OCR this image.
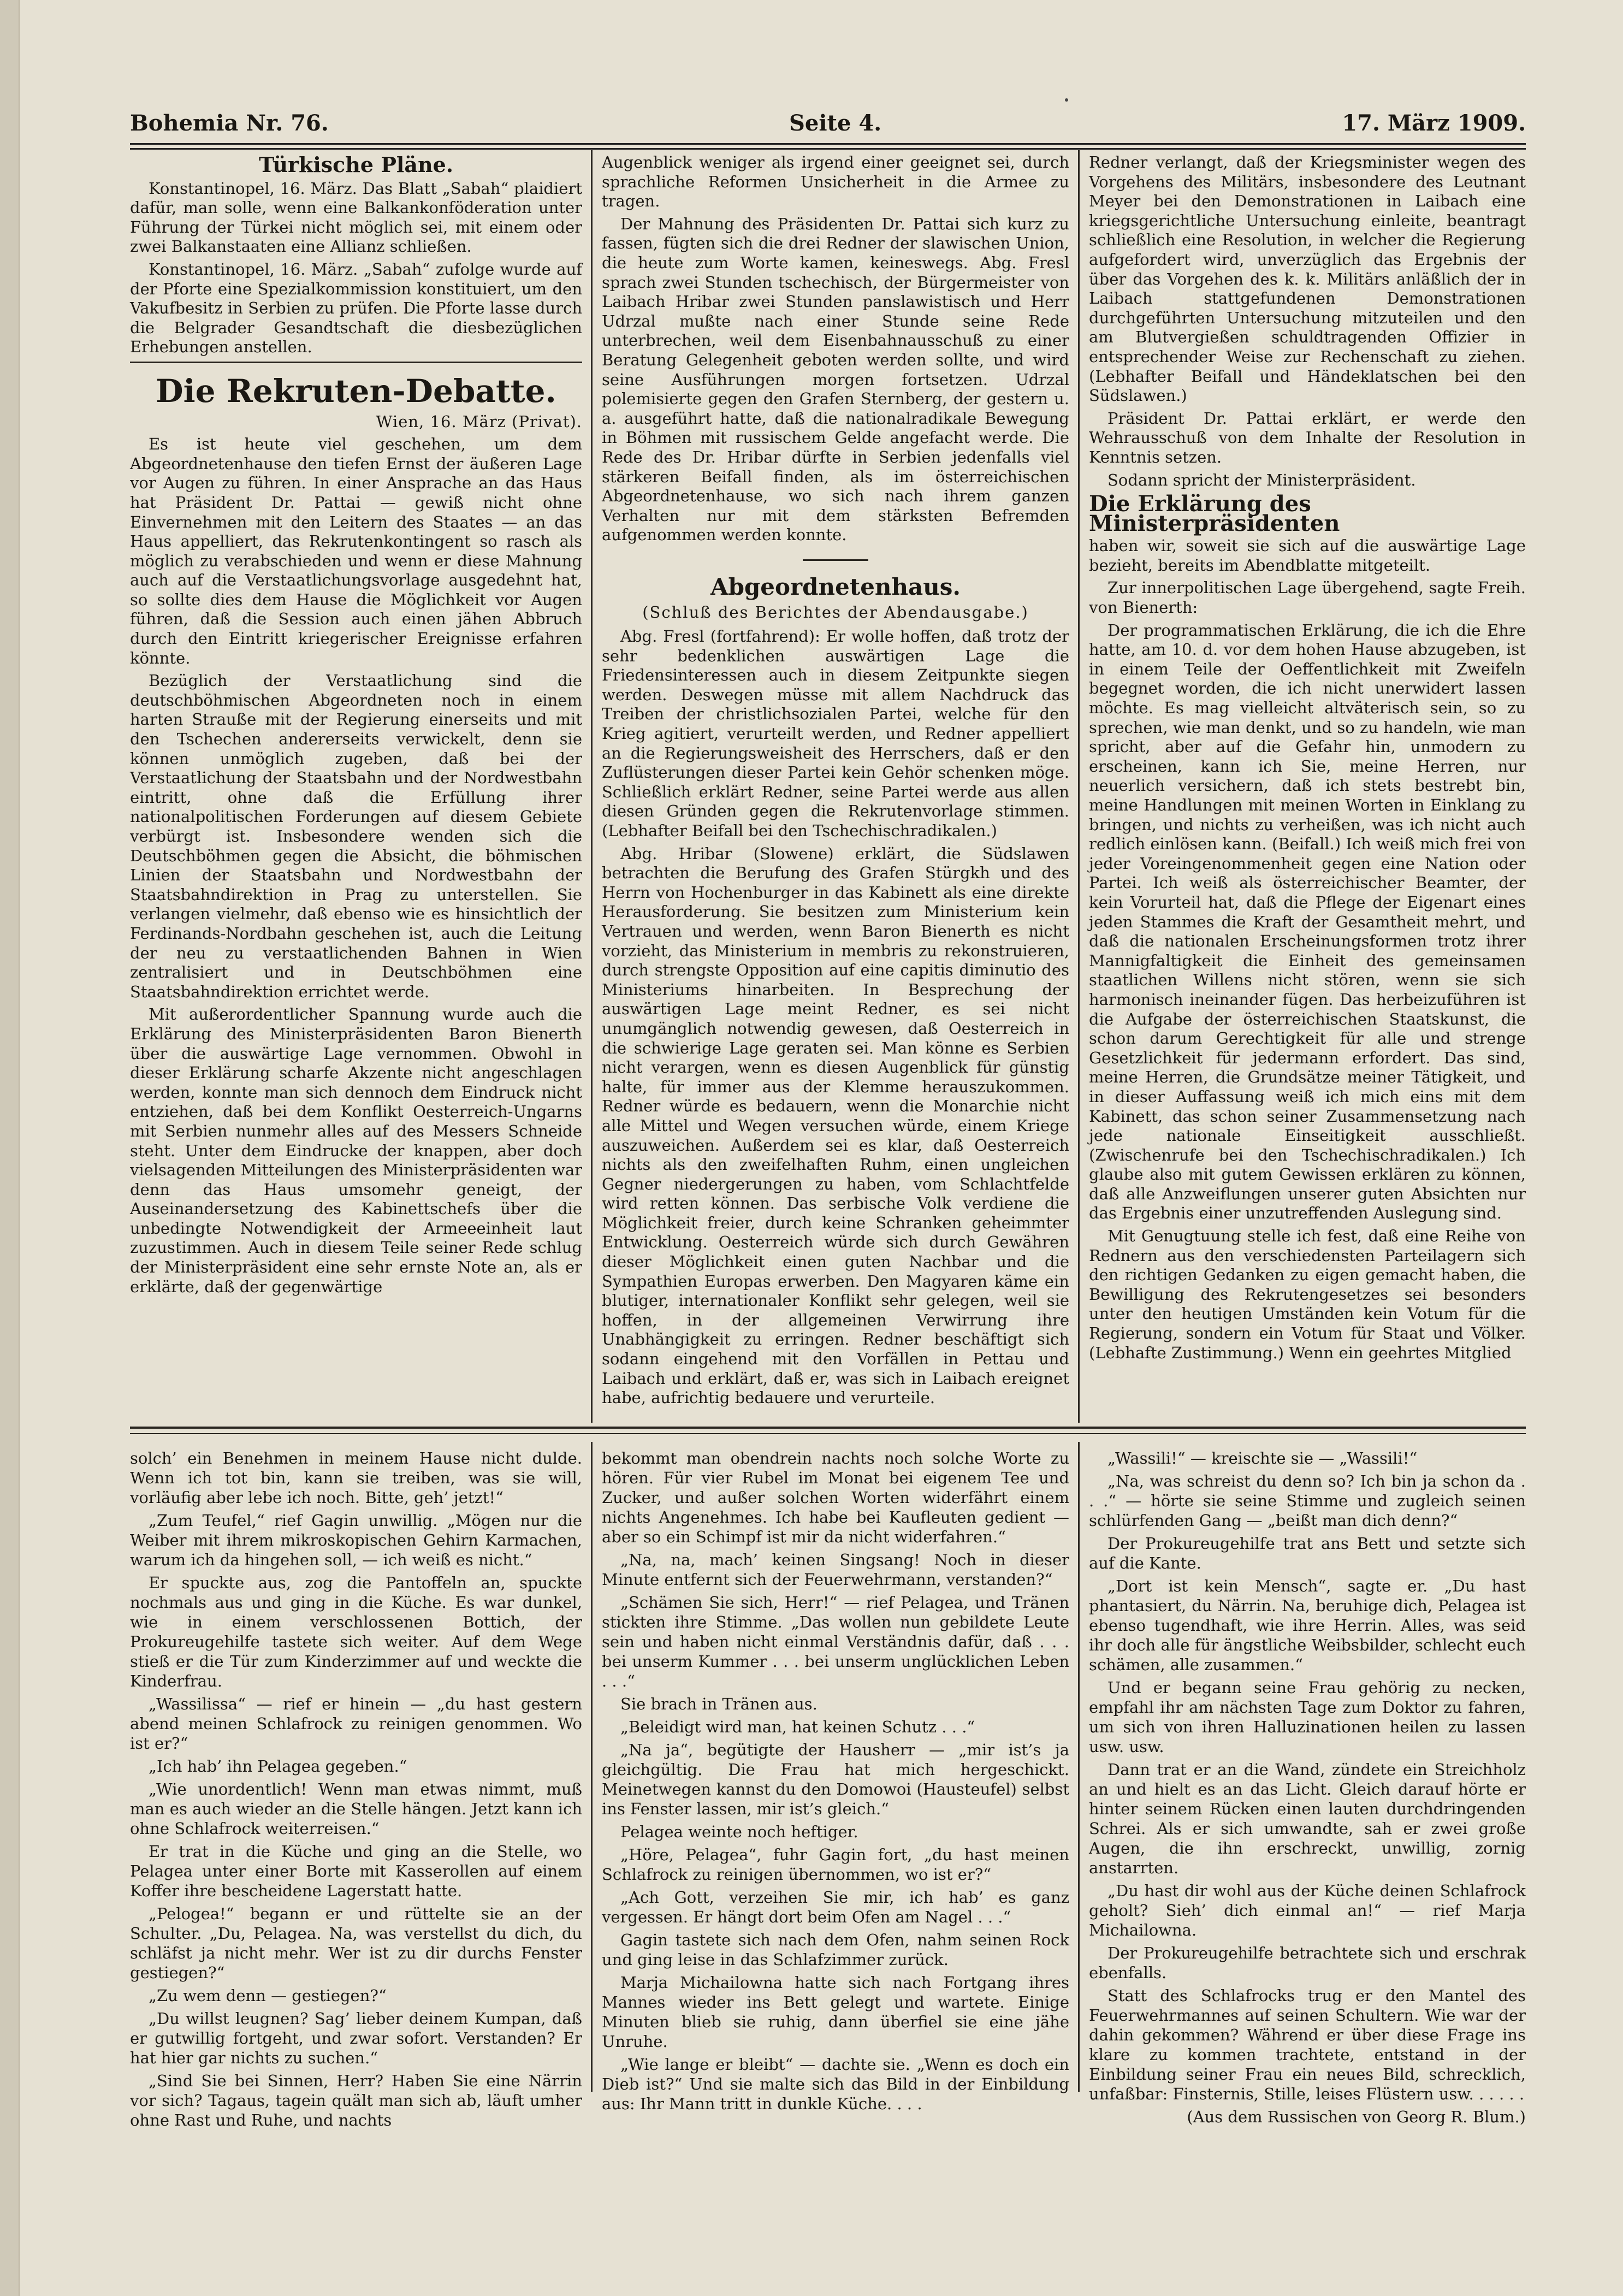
Bohemia Nr. 76.	Seite 4.	17. März 1909.
Türkische Pläne.

Konstantinopel, 16. März. Das Blatt „Sabah“ plaidiert dafür, man solle, wenn eine Balkankonföderation unter Führung der Türkei nicht möglich sei, mit einem oder zwei Balkanstaaten eine Allianz schließen.

Konstantinopel, 16. März. „Sabah“ zufolge wurde auf der Pforte eine Spezialkommission konstituiert, um den Vakufbesitz in Serbien zu prüfen. Die Pforte lasse durch die Belgrader Gesandtschaft die diesbezüglichen Erhebungen anstellen.

Die Rekruten-Debatte.
Wien, 16. März (Privat).

Es ist heute viel geschehen, um dem Abgeordnetenhause den tiefen Ernst der äußeren Lage vor Augen zu führen. In einer Ansprache an das Haus hat Präsident Dr. Pattai — gewiß nicht ohne Einvernehmen mit den Leitern des Staates — an das Haus appelliert, das Rekrutenkontingent so rasch als möglich zu verabschieden und wenn er diese Mahnung auch auf die Verstaatlichungsvorlage ausgedehnt hat, so sollte dies dem Hause die Möglichkeit vor Augen führen, daß die Session auch einen jähen Abbruch durch den Eintritt kriegerischer Ereignisse erfahren könnte.

Bezüglich der Verstaatlichung sind die deutschböhmischen Abgeordneten noch in einem harten Strauße mit der Regierung einerseits und mit den Tschechen andererseits verwickelt, denn sie können unmöglich zugeben, daß bei der Verstaatlichung der Staatsbahn und der Nordwestbahn eintritt, ohne daß die Erfüllung ihrer nationalpolitischen Forderungen auf diesem Gebiete verbürgt ist. Insbesondere wenden sich die Deutschböhmen gegen die Absicht, die böhmischen Linien der Staatsbahn und Nordwestbahn der Staatsbahndirektion in Prag zu unterstellen. Sie verlangen vielmehr, daß ebenso wie es hinsichtlich der Ferdinands-Nordbahn geschehen ist, auch die Leitung der neu zu verstaatlichenden Bahnen in Wien zentralisiert und in Deutschböhmen eine Staatsbahndirektion errichtet werde.

Mit außerordentlicher Spannung wurde auch die Erklärung des Ministerpräsidenten Baron Bienerth über die auswärtige Lage vernommen. Obwohl in dieser Erklärung scharfe Akzente nicht angeschlagen werden, konnte man sich dennoch dem Eindruck nicht entziehen, daß bei dem Konflikt Oesterreich-Ungarns mit Serbien nunmehr alles auf des Messers Schneide steht. Unter dem Eindrucke der knappen, aber doch vielsagenden Mitteilungen des Ministerpräsidenten war denn das Haus umsomehr geneigt, der Auseinandersetzung des Kabinettschefs über die unbedingte Notwendigkeit der Armeeeinheit laut zuzustimmen. Auch in diesem Teile seiner Rede schlug der Ministerpräsident eine sehr ernste Note an, als er erklärte, daß der gegenwärtige

Augenblick weniger als irgend einer geeignet sei, durch sprachliche Reformen Unsicherheit in die Armee zu tragen.

Der Mahnung des Präsidenten Dr. Pattai sich kurz zu fassen, fügten sich die drei Redner der slawischen Union, die heute zum Worte kamen, keineswegs. Abg. Fresl sprach zwei Stunden tschechisch, der Bürgermeister von Laibach Hribar zwei Stunden panslawistisch und Herr Udrzal mußte nach einer Stunde seine Rede unterbrechen, weil dem Eisenbahnausschuß zu einer Beratung Gelegenheit geboten werden sollte, und wird seine Ausführungen morgen fortsetzen. Udrzal polemisierte gegen den Grafen Sternberg, der gestern u. a. ausgeführt hatte, daß die nationalradikale Bewegung in Böhmen mit russischem Gelde angefacht werde. Die Rede des Dr. Hribar dürfte in Serbien jedenfalls viel stärkeren Beifall finden, als im österreichischen Abgeordnetenhause, wo sich nach ihrem ganzen Verhalten nur mit dem stärksten Befremden aufgenommen werden konnte.

Abgeordnetenhaus.
(Schluß des Berichtes der Abendausgabe.)

Abg. Fresl (fortfahrend): Er wolle hoffen, daß trotz der sehr bedenklichen auswärtigen Lage die Friedensinteressen auch in diesem Zeitpunkte siegen werden. Deswegen müsse mit allem Nachdruck das Treiben der christlichsozialen Partei, welche für den Krieg agitiert, verurteilt werden, und Redner appelliert an die Regierungsweisheit des Herrschers, daß er den Zuflüsterungen dieser Partei kein Gehör schenken möge. Schließlich erklärt Redner, seine Partei werde aus allen diesen Gründen gegen die Rekrutenvorlage stimmen. (Lebhafter Beifall bei den Tschechischradikalen.)

Abg. Hribar (Slowene) erklärt, die Südslawen betrachten die Berufung des Grafen Stürgkh und des Herrn von Hochenburger in das Kabinett als eine direkte Herausforderung. Sie besitzen zum Ministerium kein Vertrauen und werden, wenn Baron Bienerth es nicht vorzieht, das Ministerium in membris zu rekonstruieren, durch strengste Opposition auf eine capitis diminutio des Ministeriums hinarbeiten. In Besprechung der auswärtigen Lage meint Redner, es sei nicht unumgänglich notwendig gewesen, daß Oesterreich in die schwierige Lage geraten sei. Man könne es Serbien nicht verargen, wenn es diesen Augenblick für günstig halte, für immer aus der Klemme herauszukommen. Redner würde es bedauern, wenn die Monarchie nicht alle Mittel und Wegen versuchen würde, einem Kriege auszuweichen. Außerdem sei es klar, daß Oesterreich nichts als den zweifelhaften Ruhm, einen ungleichen Gegner niedergerungen zu haben, vom Schlachtfelde wird retten können. Das serbische Volk verdiene die Möglichkeit freier, durch keine Schranken geheimmter Entwicklung. Oesterreich würde sich durch Gewähren dieser Möglichkeit einen guten Nachbar und die Sympathien Europas erwerben. Den Magyaren käme ein blutiger, internationaler Konflikt sehr gelegen, weil sie hoffen, in der allgemeinen Verwirrung ihre Unabhängigkeit zu erringen. Redner beschäftigt sich sodann eingehend mit den Vorfällen in Pettau und Laibach und erklärt, daß er, was sich in Laibach ereignet habe, aufrichtig bedauere und verurteile.

Redner verlangt, daß der Kriegsminister wegen des Vorgehens des Militärs, insbesondere des Leutnant Meyer bei den Demonstrationen in Laibach eine kriegsgerichtliche Untersuchung einleite, beantragt schließlich eine Resolution, in welcher die Regierung aufgefordert wird, unverzüglich das Ergebnis der über das Vorgehen des k. k. Militärs anläßlich der in Laibach stattgefundenen Demonstrationen durchgeführten Untersuchung mitzuteilen und den am Blutvergießen schuldtragenden Offizier in entsprechender Weise zur Rechenschaft zu ziehen. (Lebhafter Beifall und Händeklatschen bei den Südslawen.)

Präsident Dr. Pattai erklärt, er werde den Wehrausschuß von dem Inhalte der Resolution in Kenntnis setzen.

Sodann spricht der Ministerpräsident.

Die Erklärung des Ministerpräsidenten

haben wir, soweit sie sich auf die auswärtige Lage bezieht, bereits im Abendblatte mitgeteilt.

Zur innerpolitischen Lage übergehend, sagte Freih. von Bienerth:

Der programmatischen Erklärung, die ich die Ehre hatte, am 10. d. vor dem hohen Hause abzugeben, ist in einem Teile der Oeffentlichkeit mit Zweifeln begegnet worden, die ich nicht unerwidert lassen möchte. Es mag vielleicht altväterisch sein, so zu sprechen, wie man denkt, und so zu handeln, wie man spricht, aber auf die Gefahr hin, unmodern zu erscheinen, kann ich Sie, meine Herren, nur neuerlich versichern, daß ich stets bestrebt bin, meine Handlungen mit meinen Worten in Einklang zu bringen, und nichts zu verheißen, was ich nicht auch redlich einlösen kann. (Beifall.) Ich weiß mich frei von jeder Voreingenommenheit gegen eine Nation oder Partei. Ich weiß als österreichischer Beamter, der kein Vorurteil hat, daß die Pflege der Eigenart eines jeden Stammes die Kraft der Gesamtheit mehrt, und daß die nationalen Erscheinungsformen trotz ihrer Mannigfaltigkeit die Einheit des gemeinsamen staatlichen Willens nicht stören, wenn sie sich harmonisch ineinander fügen. Das herbeizuführen ist die Aufgabe der österreichischen Staatskunst, die schon darum Gerechtigkeit für alle und strenge Gesetzlichkeit für jedermann erfordert. Das sind, meine Herren, die Grundsätze meiner Tätigkeit, und in dieser Auffassung weiß ich mich eins mit dem Kabinett, das schon seiner Zusammensetzung nach jede nationale Einseitigkeit ausschließt. (Zwischenrufe bei den Tschechischradikalen.) Ich glaube also mit gutem Gewissen erklären zu können, daß alle Anzweiflungen unserer guten Absichten nur das Ergebnis einer unzutreffenden Auslegung sind.

Mit Genugtuung stelle ich fest, daß eine Reihe von Rednern aus den verschiedensten Parteilagern sich den richtigen Gedanken zu eigen gemacht haben, die Bewilligung des Rekrutengesetzes sei besonders unter den heutigen Umständen kein Votum für die Regierung, sondern ein Votum für Staat und Völker. (Lebhafte Zustimmung.) Wenn ein geehrtes Mitglied

solch’ ein Benehmen in meinem Hause nicht dulde. Wenn ich tot bin, kann sie treiben, was sie will, vorläufig aber lebe ich noch. Bitte, geh’ jetzt!“

„Zum Teufel,“ rief Gagin unwillig. „Mögen nur die Weiber mit ihrem mikroskopischen Gehirn Karmachen, warum ich da hingehen soll, — ich weiß es nicht.“

Er spuckte aus, zog die Pantoffeln an, spuckte nochmals aus und ging in die Küche. Es war dunkel, wie in einem verschlossenen Bottich, der Prokureugehilfe tastete sich weiter. Auf dem Wege stieß er die Tür zum Kinderzimmer auf und weckte die Kinderfrau.

„Wassilissa“ — rief er hinein — „du hast gestern abend meinen Schlafrock zu reinigen genommen. Wo ist er?“

„Ich hab’ ihn Pelagea gegeben.“

„Wie unordentlich! Wenn man etwas nimmt, muß man es auch wieder an die Stelle hängen. Jetzt kann ich ohne Schlafrock weiterreisen.“

Er trat in die Küche und ging an die Stelle, wo Pelagea unter einer Borte mit Kasserollen auf einem Koffer ihre bescheidene Lagerstatt hatte.

„Pelogea!“ begann er und rüttelte sie an der Schulter. „Du, Pelagea. Na, was verstellst du dich, du schläfst ja nicht mehr. Wer ist zu dir durchs Fenster gestiegen?“

„Zu wem denn — gestiegen?“

„Du willst leugnen? Sag’ lieber deinem Kumpan, daß er gutwillig fortgeht, und zwar sofort. Verstanden? Er hat hier gar nichts zu suchen.“

„Sind Sie bei Sinnen, Herr? Haben Sie eine Närrin vor sich? Tagaus, tagein quält man sich ab, läuft umher ohne Rast und Ruhe, und nachts

bekommt man obendrein nachts noch solche Worte zu hören. Für vier Rubel im Monat bei eigenem Tee und Zucker, und außer solchen Worten widerfährt einem nichts Angenehmes. Ich habe bei Kaufleuten gedient — aber so ein Schimpf ist mir da nicht widerfahren.“

„Na, na, mach’ keinen Singsang! Noch in dieser Minute entfernt sich der Feuerwehrmann, verstanden?“

„Schämen Sie sich, Herr!“ — rief Pelagea, und Tränen stickten ihre Stimme. „Das wollen nun gebildete Leute sein und haben nicht einmal Verständnis dafür, daß . . . bei unserm Kummer . . . bei unserm unglücklichen Leben . . .“

Sie brach in Tränen aus.

„Beleidigt wird man, hat keinen Schutz . . .“

„Na ja“, begütigte der Hausherr — „mir ist’s ja gleichgültig. Die Frau hat mich hergeschickt. Meinetwegen kannst du den Domowoi (Hausteufel) selbst ins Fenster lassen, mir ist’s gleich.“

Pelagea weinte noch heftiger.

„Höre, Pelagea“, fuhr Gagin fort, „du hast meinen Schlafrock zu reinigen übernommen, wo ist er?“

„Ach Gott, verzeihen Sie mir, ich hab’ es ganz vergessen. Er hängt dort beim Ofen am Nagel . . .“

Gagin tastete sich nach dem Ofen, nahm seinen Rock und ging leise in das Schlafzimmer zurück.

Marja Michailowna hatte sich nach Fortgang ihres Mannes wieder ins Bett gelegt und wartete. Einige Minuten blieb sie ruhig, dann überfiel sie eine jähe Unruhe.

„Wie lange er bleibt“ — dachte sie. „Wenn es doch ein Dieb ist?“ Und sie malte sich das Bild in der Einbildung aus: Ihr Mann tritt in dunkle Küche. . . .

„Wassili!“ — kreischte sie — „Wassili!“

„Na, was schreist du denn so? Ich bin ja schon da . . .“ — hörte sie seine Stimme und zugleich seinen schlürfenden Gang — „beißt man dich denn?“

Der Prokureugehilfe trat ans Bett und setzte sich auf die Kante.

„Dort ist kein Mensch“, sagte er. „Du hast phantasiert, du Närrin. Na, beruhige dich, Pelagea ist ebenso tugendhaft, wie ihre Herrin. Alles, was seid ihr doch alle für ängstliche Weibsbilder, schlecht euch schämen, alle zusammen.“

Und er begann seine Frau gehörig zu necken, empfahl ihr am nächsten Tage zum Doktor zu fahren, um sich von ihren Halluzinationen heilen zu lassen usw. usw.

Dann trat er an die Wand, zündete ein Streichholz an und hielt es an das Licht. Gleich darauf hörte er hinter seinem Rücken einen lauten durchdringenden Schrei. Als er sich umwandte, sah er zwei große Augen, die ihn erschreckt, unwillig, zornig anstarrten.

„Du hast dir wohl aus der Küche deinen Schlafrock geholt? Sieh’ dich einmal an!“ — rief Marja Michailowna.

Der Prokureugehilfe betrachtete sich und erschrak ebenfalls.

Statt des Schlafrocks trug er den Mantel des Feuerwehrmannes auf seinen Schultern. Wie war der dahin gekommen? Während er über diese Frage ins klare zu kommen trachtete, entstand in der Einbildung seiner Frau ein neues Bild, schrecklich, unfaßbar: Finsternis, Stille, leises Flüstern usw. . . . . .

(Aus dem Russischen von Georg R. Blum.)
